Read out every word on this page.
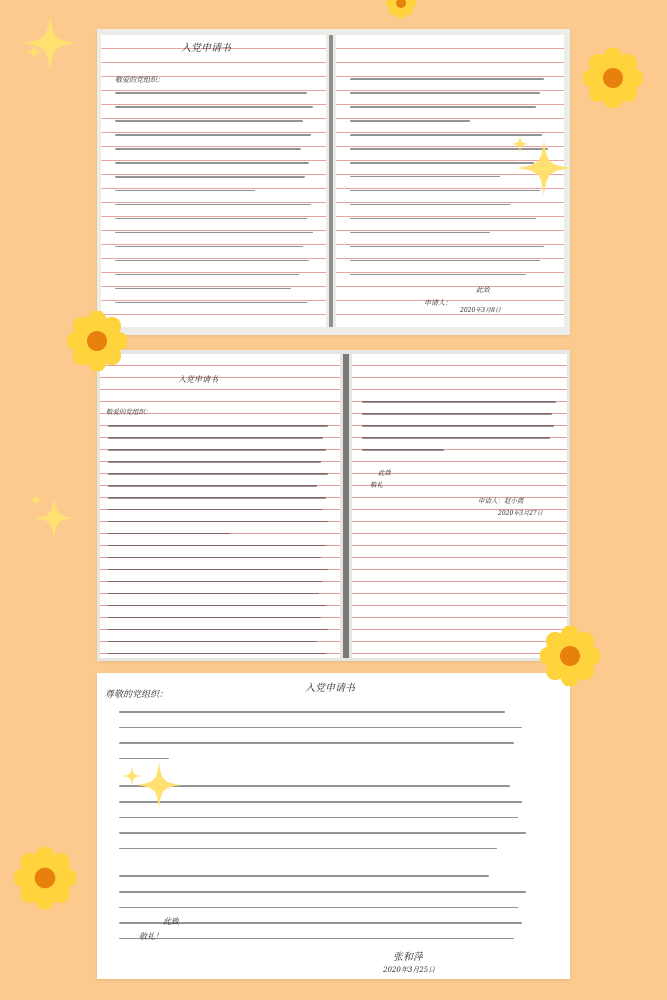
入党申请书
敬爱的党组织：
此致
申请人：
2020年3月8日
入党申请书
敬爱的党组织：
此致
敬礼
申请人：赵小霞
2020年3月27日
入党申请书
尊敬的党组织：
此致
敬礼！
张和萍
2020年3月25日
